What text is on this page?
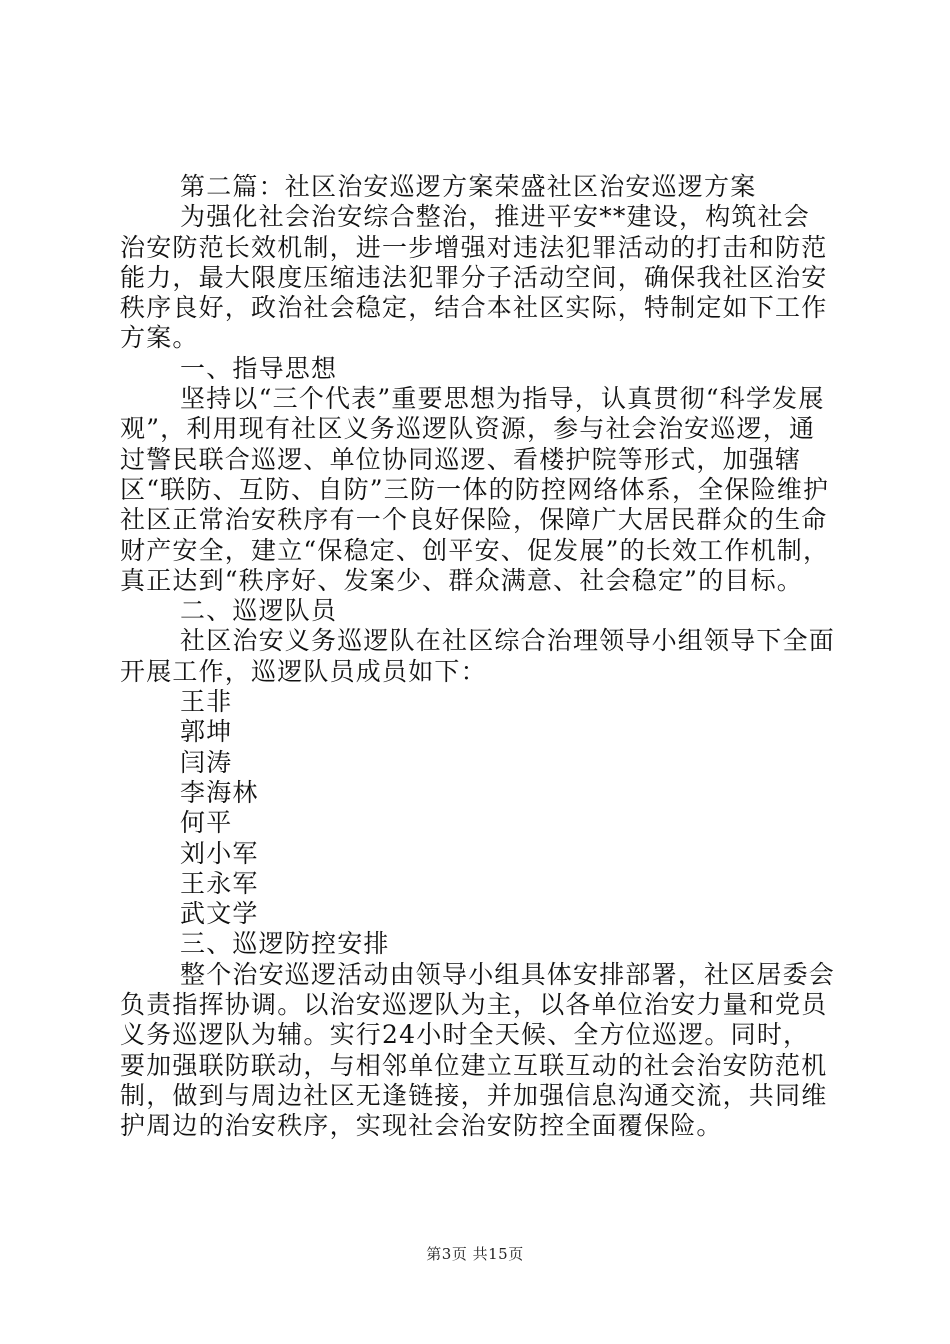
第二篇：社区治安巡逻方案荣盛社区治安巡逻方案

为强化社会治安综合整治，推进平安**建设，构筑社会治安防范长效机制，进一步增强对违法犯罪活动的打击和防范能力，最大限度压缩违法犯罪分子活动空间，确保我社区治安秩序良好，政治社会稳定，结合本社区实际，特制定如下工作方案。

一、指导思想

坚持以“三个代表”重要思想为指导，认真贯彻“科学发展观”，利用现有社区义务巡逻队资源，参与社会治安巡逻，通过警民联合巡逻、单位协同巡逻、看楼护院等形式，加强辖区“联防、互防、自防”三防一体的防控网络体系，全保险维护社区正常治安秩序有一个良好保险，保障广大居民群众的生命财产安全，建立“保稳定、创平安、促发展”的长效工作机制，真正达到“秩序好、发案少、群众满意、社会稳定”的目标。

二、巡逻队员

社区治安义务巡逻队在社区综合治理领导小组领导下全面开展工作，巡逻队员成员如下：

王非

郭坤

闫涛

李海林

何平

刘小军

王永军

武文学

三、巡逻防控安排

整个治安巡逻活动由领导小组具体安排部署，社区居委会负责指挥协调。以治安巡逻队为主，以各单位治安力量和党员义务巡逻队为辅。实行24小时全天候、全方位巡逻。同时，要加强联防联动，与相邻单位建立互联互动的社会治安防范机制，做到与周边社区无逢链接，并加强信息沟通交流，共同维护周边的治安秩序，实现社会治安防控全面覆保险。

第3页 共15页
